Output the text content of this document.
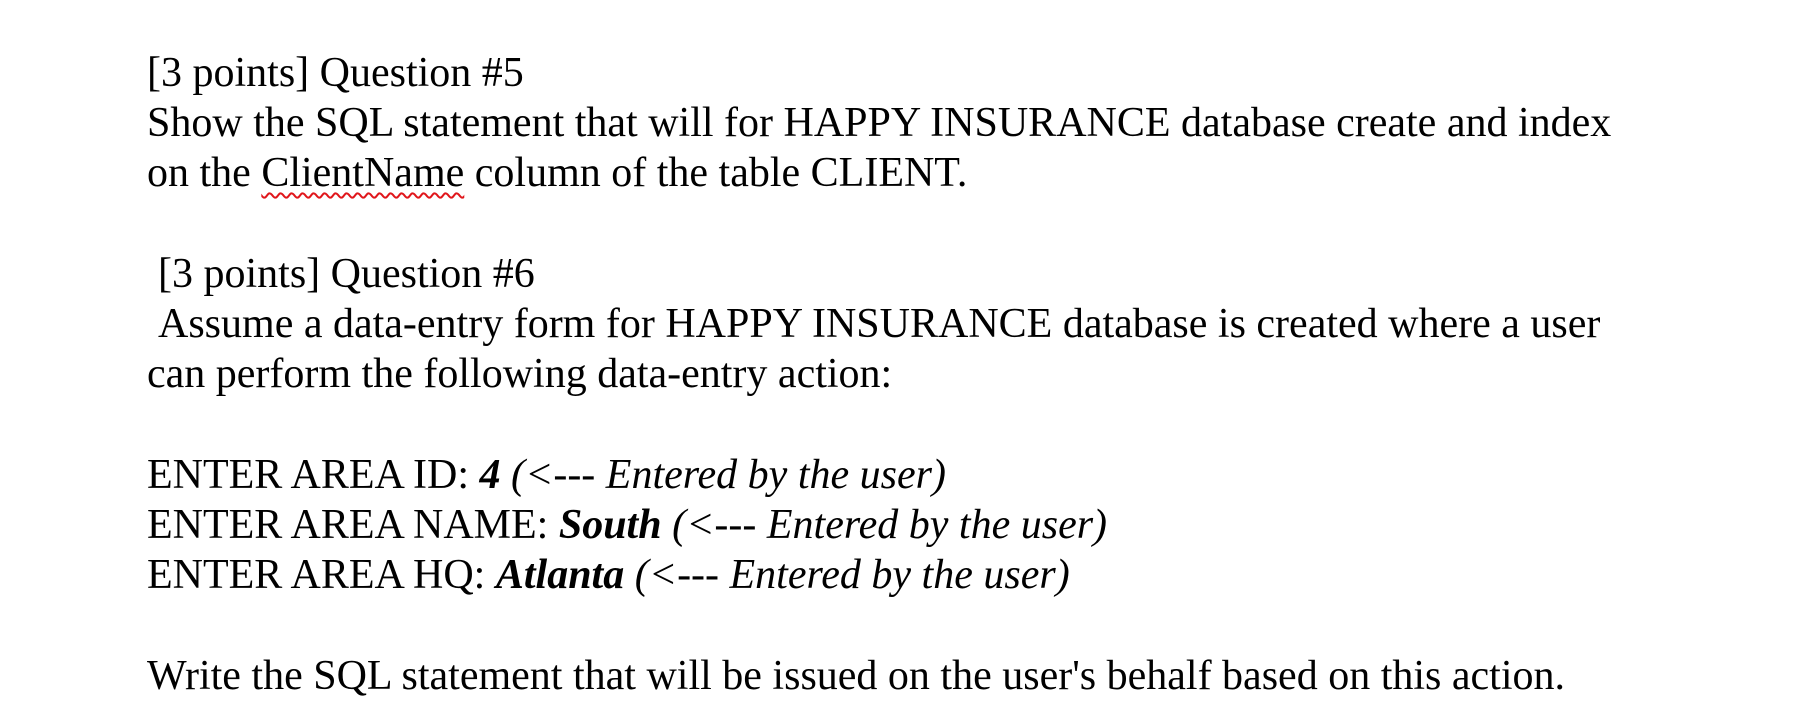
[3 points] Question #5
Show the SQL statement that will for HAPPY INSURANCE database create and index
on the ClientName column of the table CLIENT.
[3 points] Question #6
Assume a data-entry form for HAPPY INSURANCE database is created where a user
can perform the following data-entry action:
ENTER AREA ID: 4 (<--- Entered by the user)
ENTER AREA NAME: South (<--- Entered by the user)
ENTER AREA HQ: Atlanta (<--- Entered by the user)
Write the SQL statement that will be issued on the user's behalf based on this action.
